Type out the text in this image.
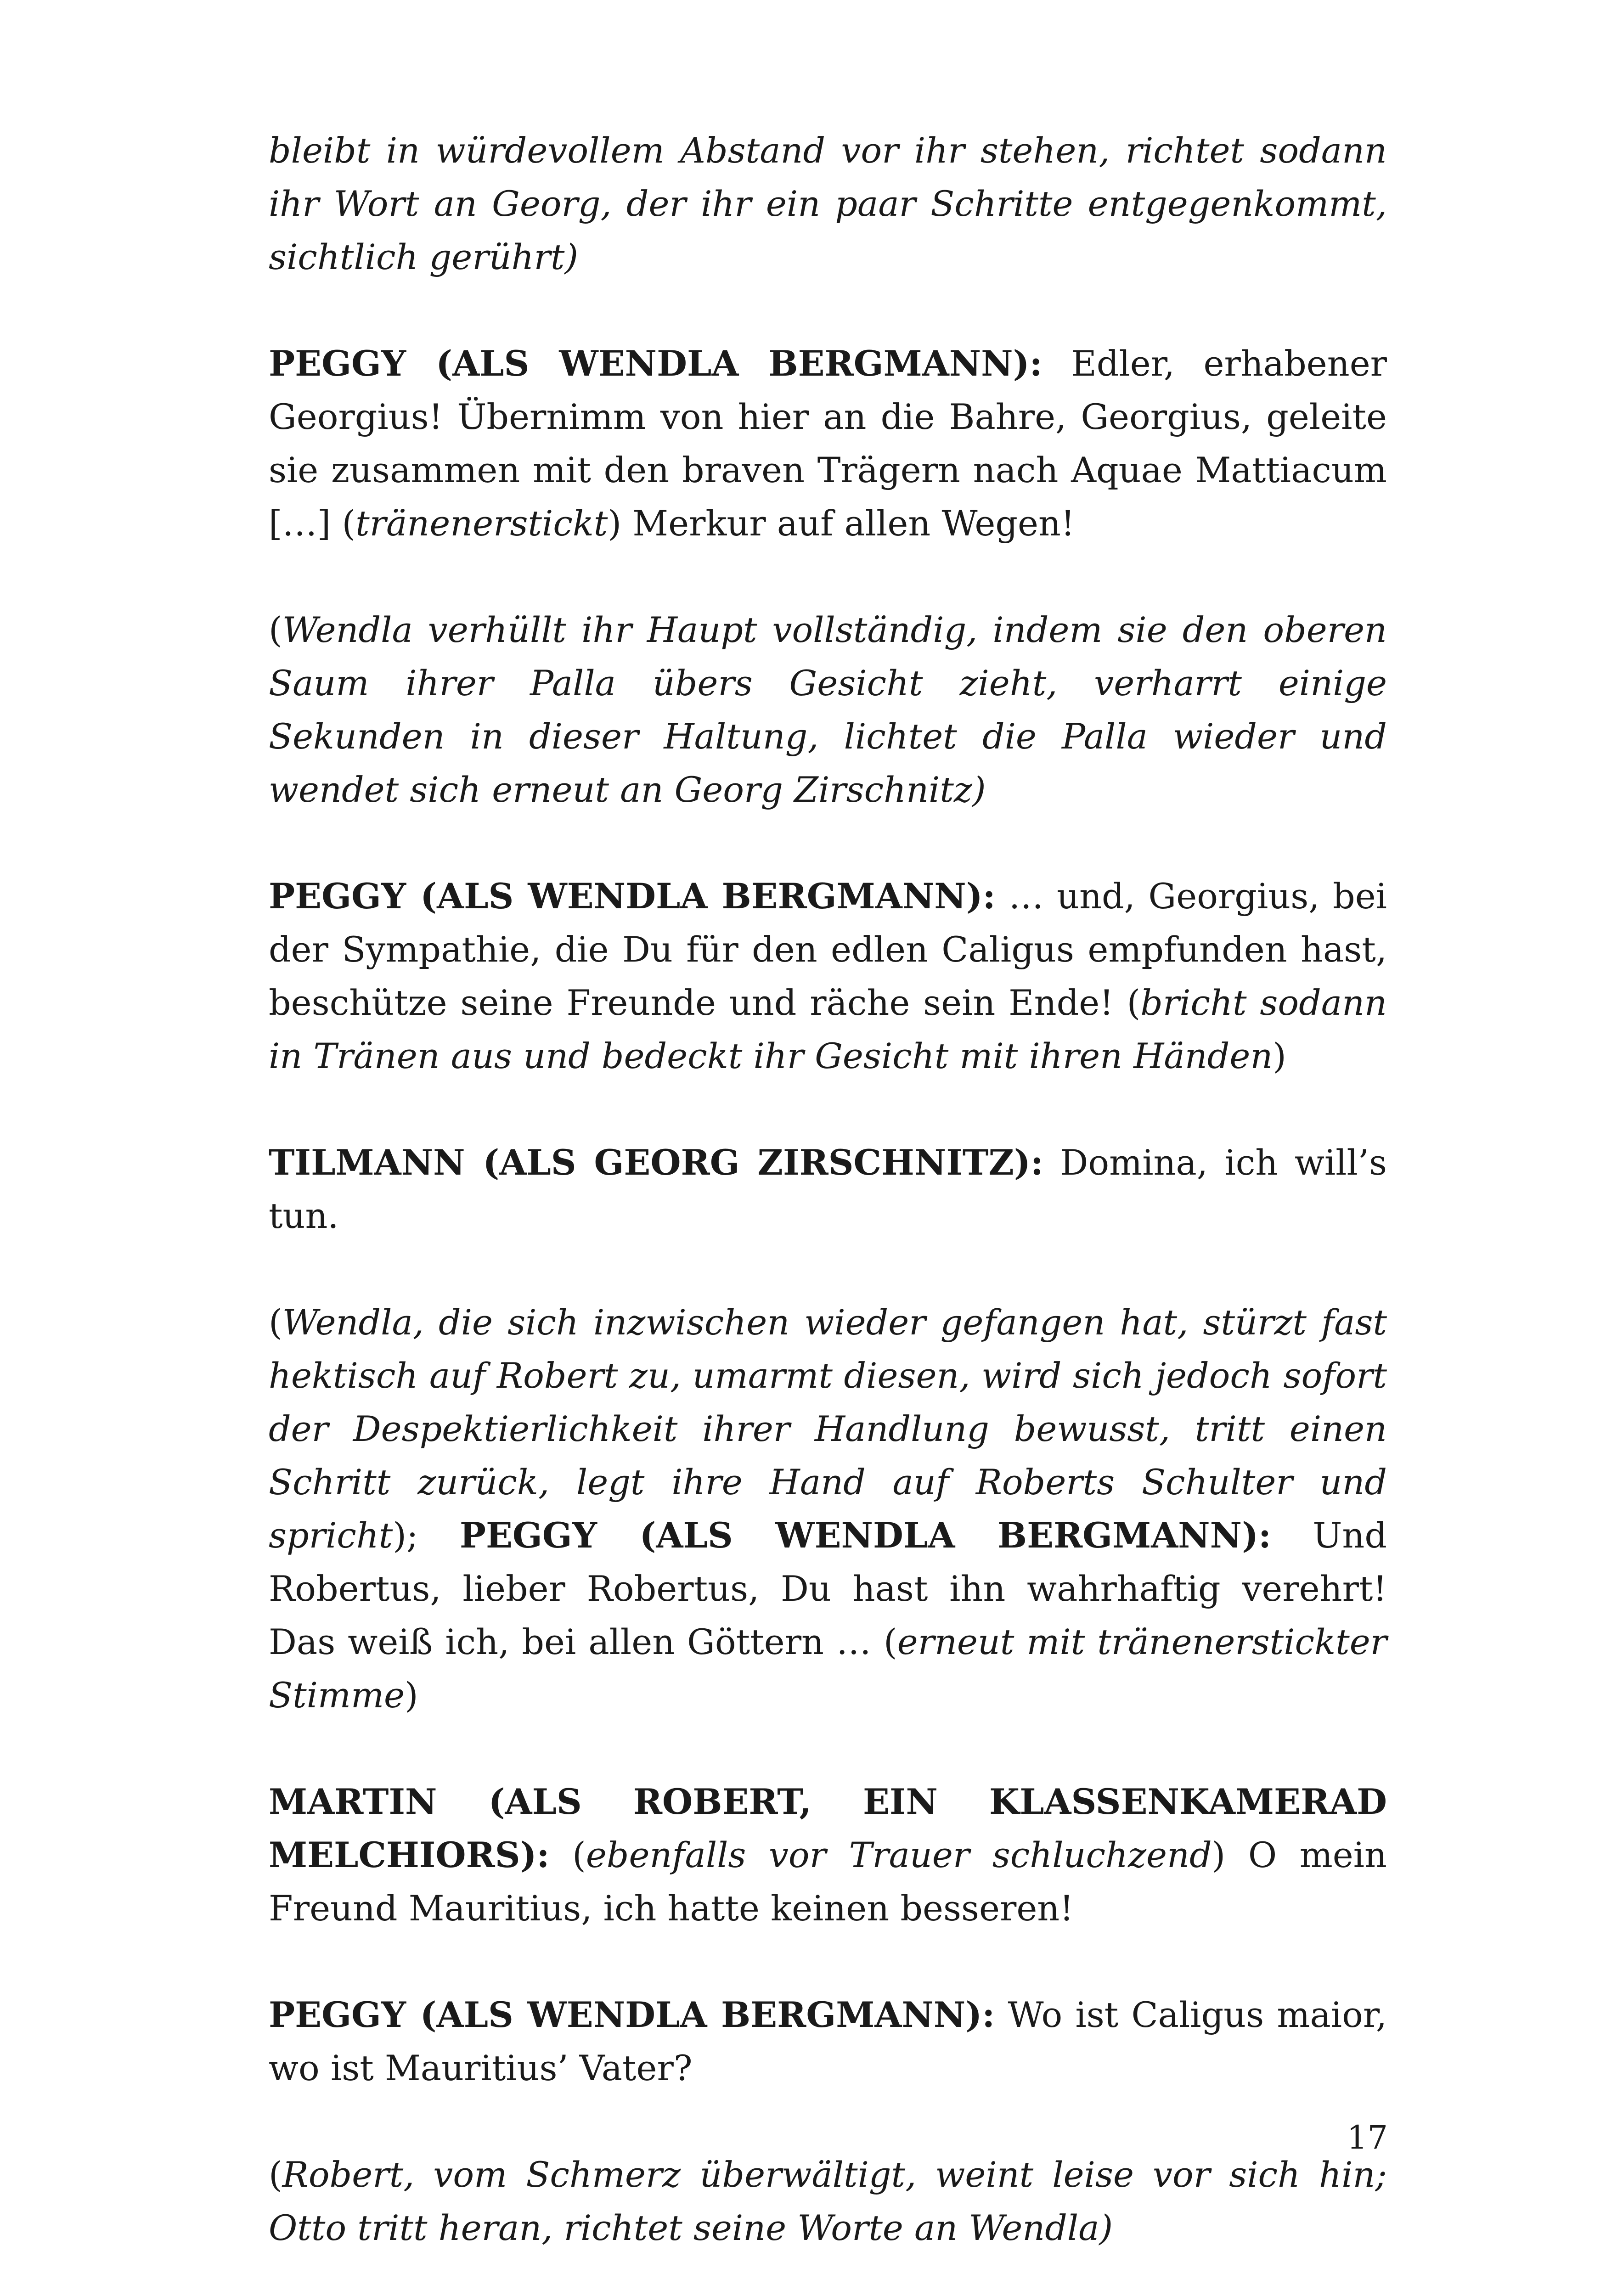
bleibt in würdevollem Abstand vor ihr stehen, richtet sodann ihr Wort an Georg, der ihr ein paar Schritte entgegenkommt, sichtlich gerührt)

PEGGY (ALS WENDLA BERGMANN): Edler, erhabener Georgius! Übernimm von hier an die Bahre, Georgius, geleite sie zusammen mit den braven Trägern nach Aquae Mattiacum […] (tränenerstickt) Merkur auf allen Wegen!

(Wendla verhüllt ihr Haupt vollständig, indem sie den oberen Saum ihrer Palla übers Gesicht zieht, verharrt einige Sekunden in dieser Haltung, lichtet die Palla wieder und wendet sich erneut an Georg Zirschnitz)

PEGGY (ALS WENDLA BERGMANN): … und, Georgius, bei der Sympathie, die Du für den edlen Caligus empfunden hast, beschütze seine Freunde und räche sein Ende! (bricht sodann in Tränen aus und bedeckt ihr Gesicht mit ihren Händen)

TILMANN (ALS GEORG ZIRSCHNITZ): Domina, ich will’s tun.

(Wendla, die sich inzwischen wieder gefangen hat, stürzt fast hektisch auf Robert zu, umarmt diesen, wird sich jedoch sofort der Despektierlichkeit ihrer Handlung bewusst, tritt einen Schritt zurück, legt ihre Hand auf Roberts Schulter und spricht); PEGGY (ALS WENDLA BERGMANN): Und Robertus, lieber Robertus, Du hast ihn wahrhaftig verehrt! Das weiß ich, bei allen Göttern … (erneut mit tränenerstickter Stimme)

MARTIN (ALS ROBERT, EIN KLASSENKAMERAD MELCHIORS): (ebenfalls vor Trauer schluchzend) O mein Freund Mauritius, ich hatte keinen besseren!

PEGGY (ALS WENDLA BERGMANN): Wo ist Caligus maior, wo ist Mauritius’ Vater?

(Robert, vom Schmerz überwältigt, weint leise vor sich hin; Otto tritt heran, richtet seine Worte an Wendla)

17
